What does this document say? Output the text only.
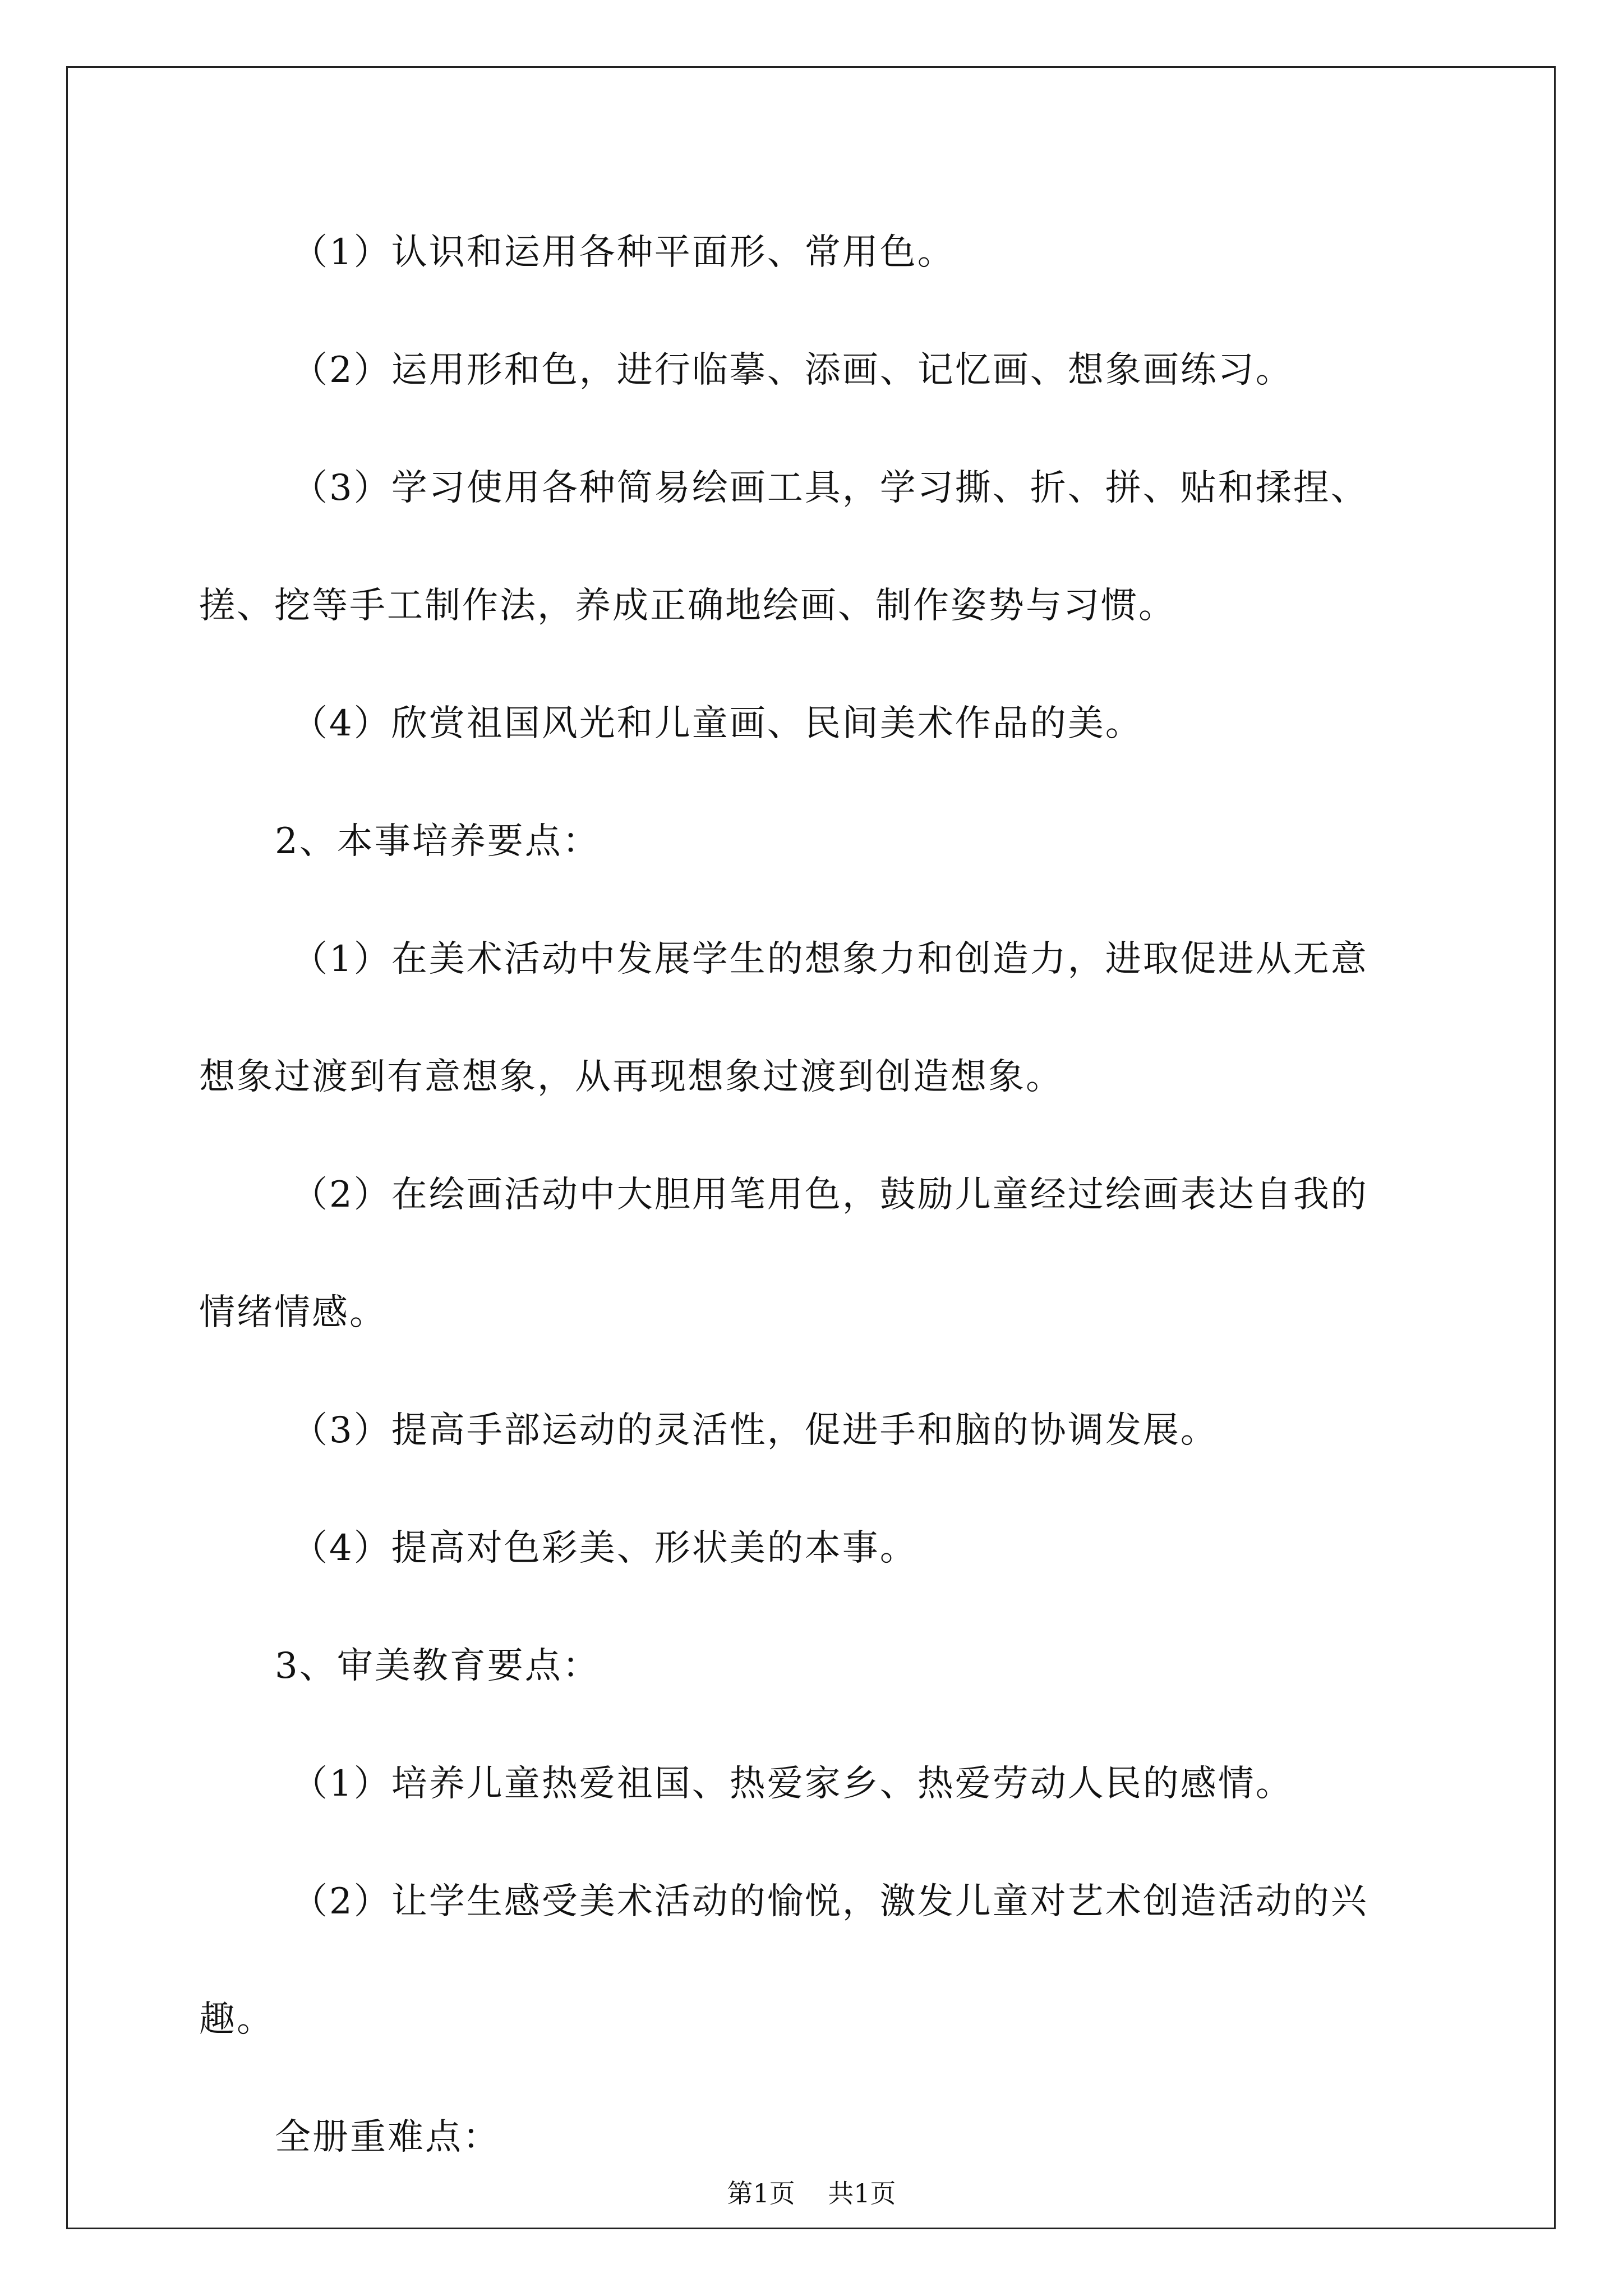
（1）认识和运用各种平面形、常用色。
（2）运用形和色，进行临摹、添画、记忆画、想象画练习。
（3）学习使用各种简易绘画工具，学习撕、折、拼、贴和揉捏、
搓、挖等手工制作法，养成正确地绘画、制作姿势与习惯。
（4）欣赏祖国风光和儿童画、民间美术作品的美。
2、本事培养要点：
（1）在美术活动中发展学生的想象力和创造力，进取促进从无意
想象过渡到有意想象，从再现想象过渡到创造想象。
（2）在绘画活动中大胆用笔用色，鼓励儿童经过绘画表达自我的
情绪情感。
（3）提高手部运动的灵活性，促进手和脑的协调发展。
（4）提高对色彩美、形状美的本事。
3、审美教育要点：
（1）培养儿童热爱祖国、热爱家乡、热爱劳动人民的感情。
（2）让学生感受美术活动的愉悦，激发儿童对艺术创造活动的兴
趣。
全册重难点：
第1页    共1页
